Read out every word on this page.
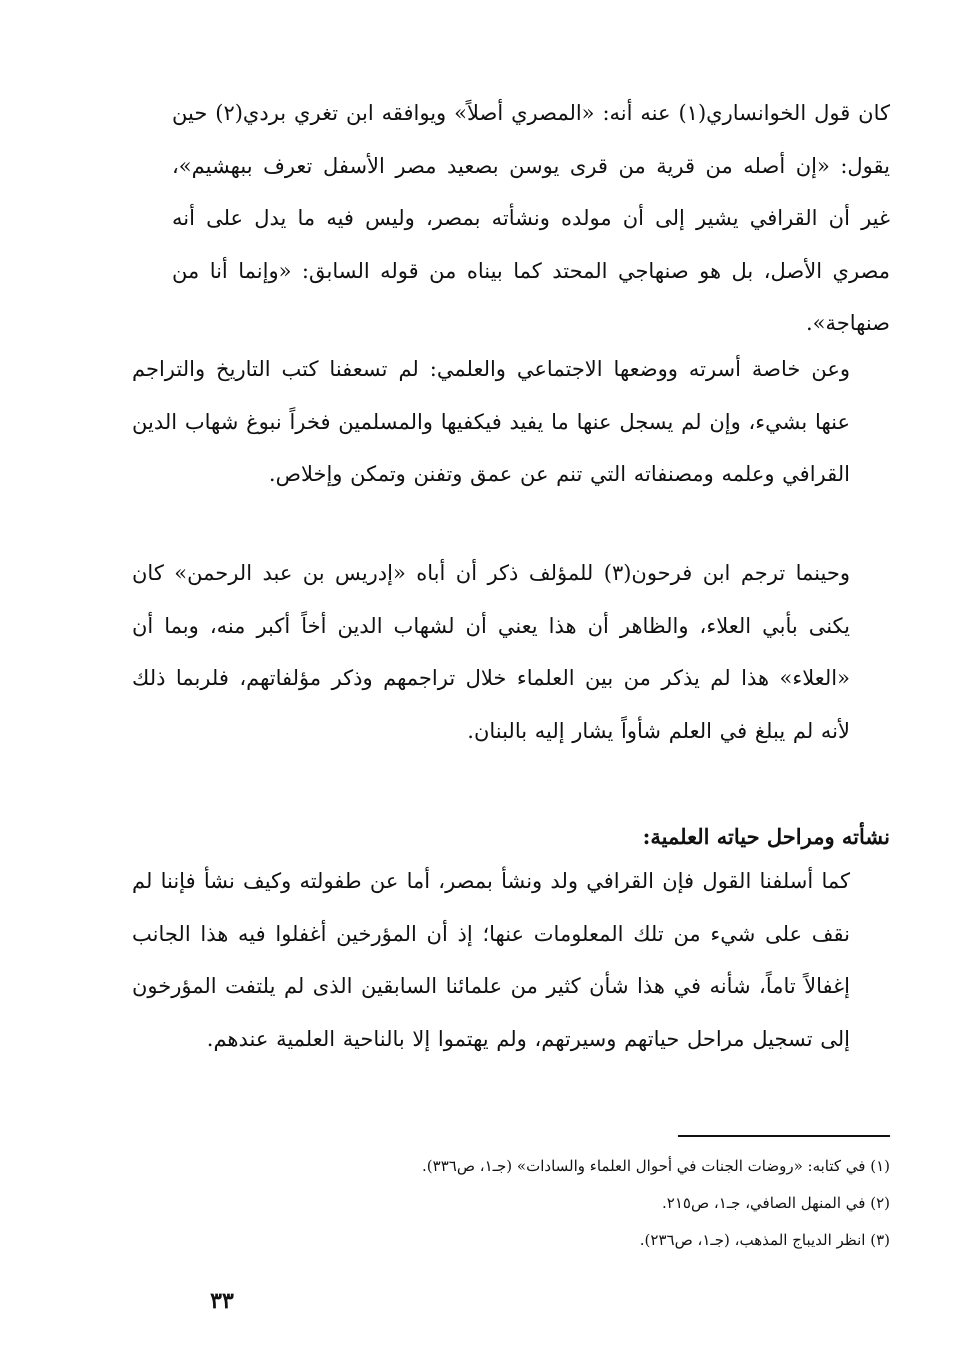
كان قول الخوانساري(١) عنه أنه: «المصري أصلاً» ويوافقه ابن تغري بردي(٢) حين يقول: «إن أصله من قرية من قرى يوسن بصعيد مصر الأسفل تعرف ببهشيم»، غير أن القرافي يشير إلى أن مولده ونشأته بمصر، وليس فيه ما يدل على أنه مصري الأصل، بل هو صنهاجي المحتد كما بيناه من قوله السابق: «وإنما أنا من صنهاجة».

وعن خاصة أسرته ووضعها الاجتماعي والعلمي: لم تسعفنا كتب التاريخ والتراجم عنها بشيء، وإن لم يسجل عنها ما يفيد فيكفيها والمسلمين فخراً نبوغ شهاب الدين القرافي وعلمه ومصنفاته التي تنم عن عمق وتفنن وتمكن وإخلاص.

وحينما ترجم ابن فرحون(٣) للمؤلف ذكر أن أباه «إدريس بن عبد الرحمن» كان يكنى بأبي العلاء، والظاهر أن هذا يعني أن لشهاب الدين أخاً أكبر منه، وبما أن «العلاء» هذا لم يذكر من بين العلماء خلال تراجمهم وذكر مؤلفاتهم، فلربما ذلك لأنه لم يبلغ في العلم شأواً يشار إليه بالبنان.

نشأته ومراحل حياته العلمية:

كما أسلفنا القول فإن القرافي ولد ونشأ بمصر، أما عن طفولته وكيف نشأ فإننا لم نقف على شيء من تلك المعلومات عنها؛ إذ أن المؤرخين أغفلوا فيه هذا الجانب إغفالاً تاماً، شأنه في هذا شأن كثير من علمائنا السابقين الذى لم يلتفت المؤرخون إلى تسجيل مراحل حياتهم وسيرتهم، ولم يهتموا إلا بالناحية العلمية عندهم.

(١) في كتابه: «روضات الجنات في أحوال العلماء والسادات» (جـ١، ص٣٣٦).
(٢) في المنهل الصافي، جـ١، ص٢١٥.
(٣) انظر الديباج المذهب، (جـ١، ص٢٣٦).
٣٣
